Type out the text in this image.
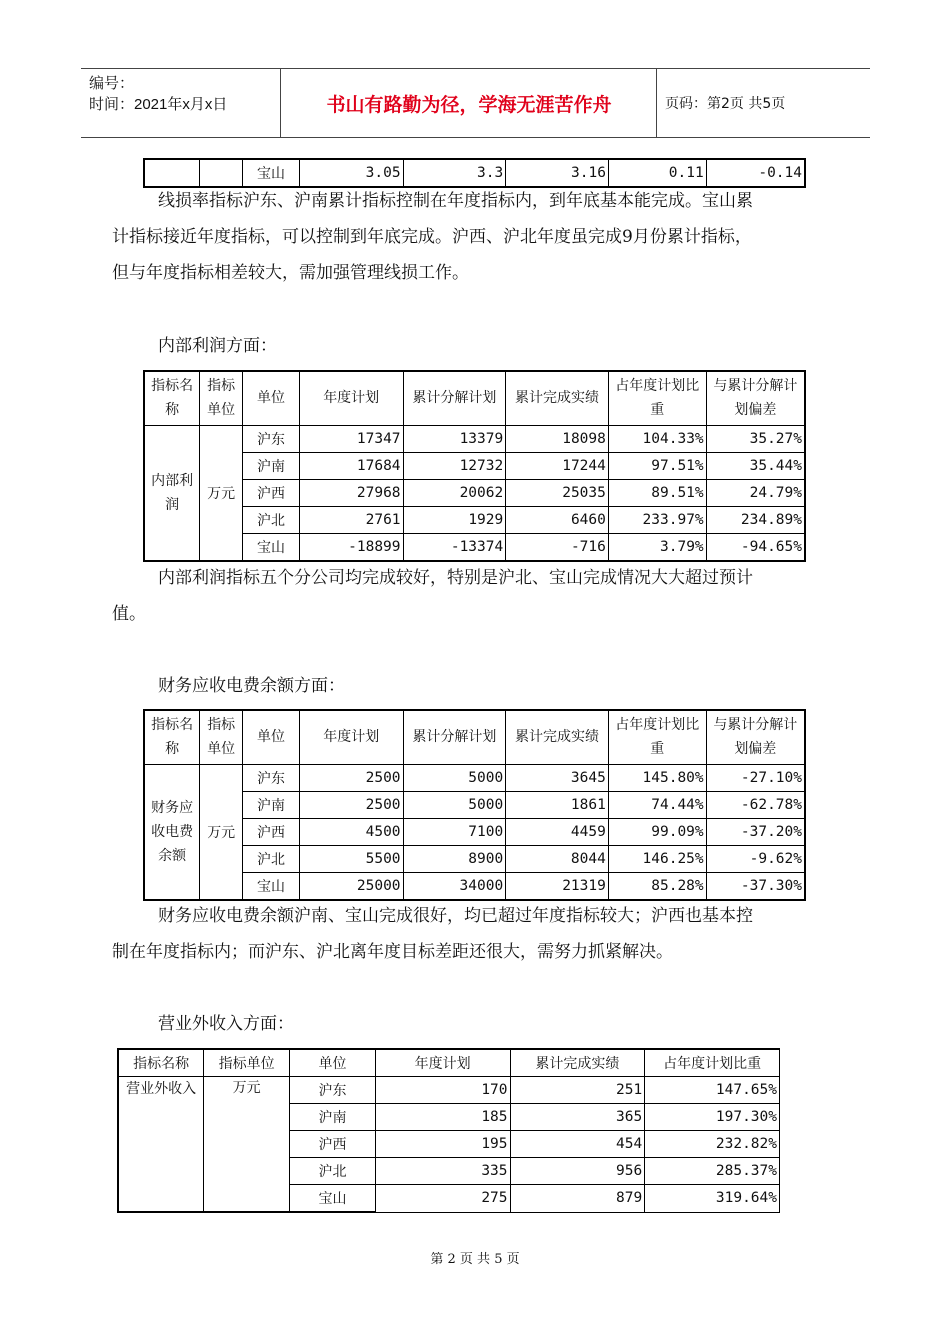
编号：
时间：2021年x月x日	书山有路勤为径，学海无涯苦作舟	页码：第2页 共5页
		宝山	3.05	3.3	3.16	0.11	-0.14
线损率指标沪东、沪南累计指标控制在年度指标内，到年底基本能完成。宝山累
计指标接近年度指标，可以控制到年底完成。沪西、沪北年度虽完成9月份累计指标，
但与年度指标相差较大，需加强管理线损工作。
内部利润方面：
指标名称	指标单位	单位	年度计划	累计分解计划	累计完成实绩	占年度计划比重	与累计分解计划偏差
内部利润	万元	沪东	17347	13379	18098	104.33%	35.27%
		沪南	17684	12732	17244	97.51%	35.44%
		沪西	27968	20062	25035	89.51%	24.79%
		沪北	2761	1929	6460	233.97%	234.89%
		宝山	-18899	-13374	-716	3.79%	-94.65%
内部利润指标五个分公司均完成较好，特别是沪北、宝山完成情况大大超过预计
值。
财务应收电费余额方面：
指标名称	指标单位	单位	年度计划	累计分解计划	累计完成实绩	占年度计划比重	与累计分解计划偏差
财务应收电费余额	万元	沪东	2500	5000	3645	145.80%	-27.10%
		沪南	2500	5000	1861	74.44%	-62.78%
		沪西	4500	7100	4459	99.09%	-37.20%
		沪北	5500	8900	8044	146.25%	-9.62%
		宝山	25000	34000	21319	85.28%	-37.30%
财务应收电费余额沪南、宝山完成很好，均已超过年度指标较大；沪西也基本控
制在年度指标内；而沪东、沪北离年度目标差距还很大，需努力抓紧解决。
营业外收入方面：
指标名称	指标单位	单位	年度计划	累计完成实绩	占年度计划比重
营业外收入	万元	沪东	170	251	147.65%
		沪南	185	365	197.30%
		沪西	195	454	232.82%
		沪北	335	956	285.37%
		宝山	275	879	319.64%
第 2 页 共 5 页
